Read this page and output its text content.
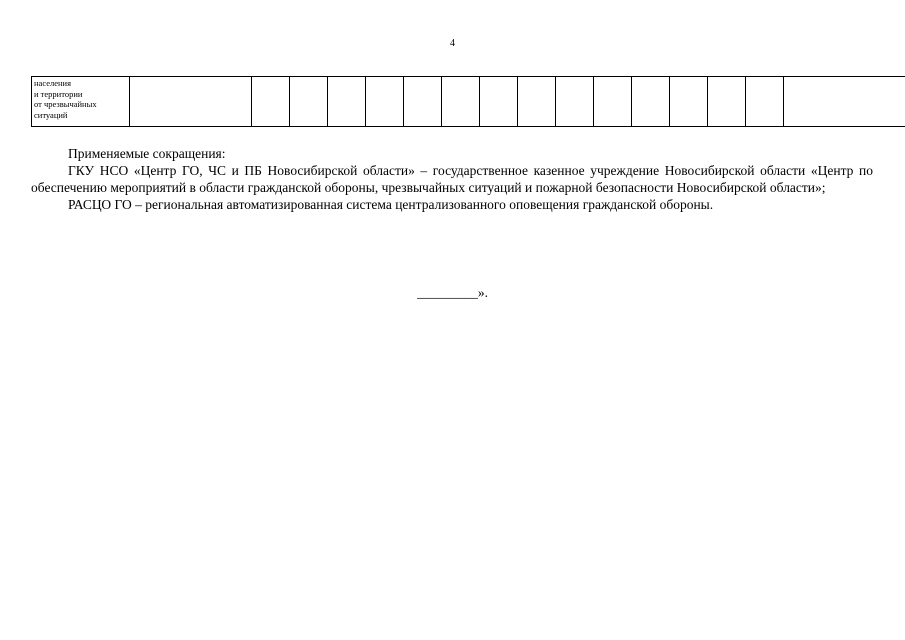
4
населения
и территории
от чрезвычайных
ситуаций

Применяемые сокращения:

ГКУ НСО «Центр ГО, ЧС и ПБ Новосибирской области» – государственное казенное учреждение Новосибирской области «Центр по обеспечению мероприятий в области гражданской обороны, чрезвычайных ситуаций и пожарной безопасности Новосибирской области»;

РАСЦО ГО – региональная автоматизированная система централизованного оповещения гражданской обороны.

_________».
